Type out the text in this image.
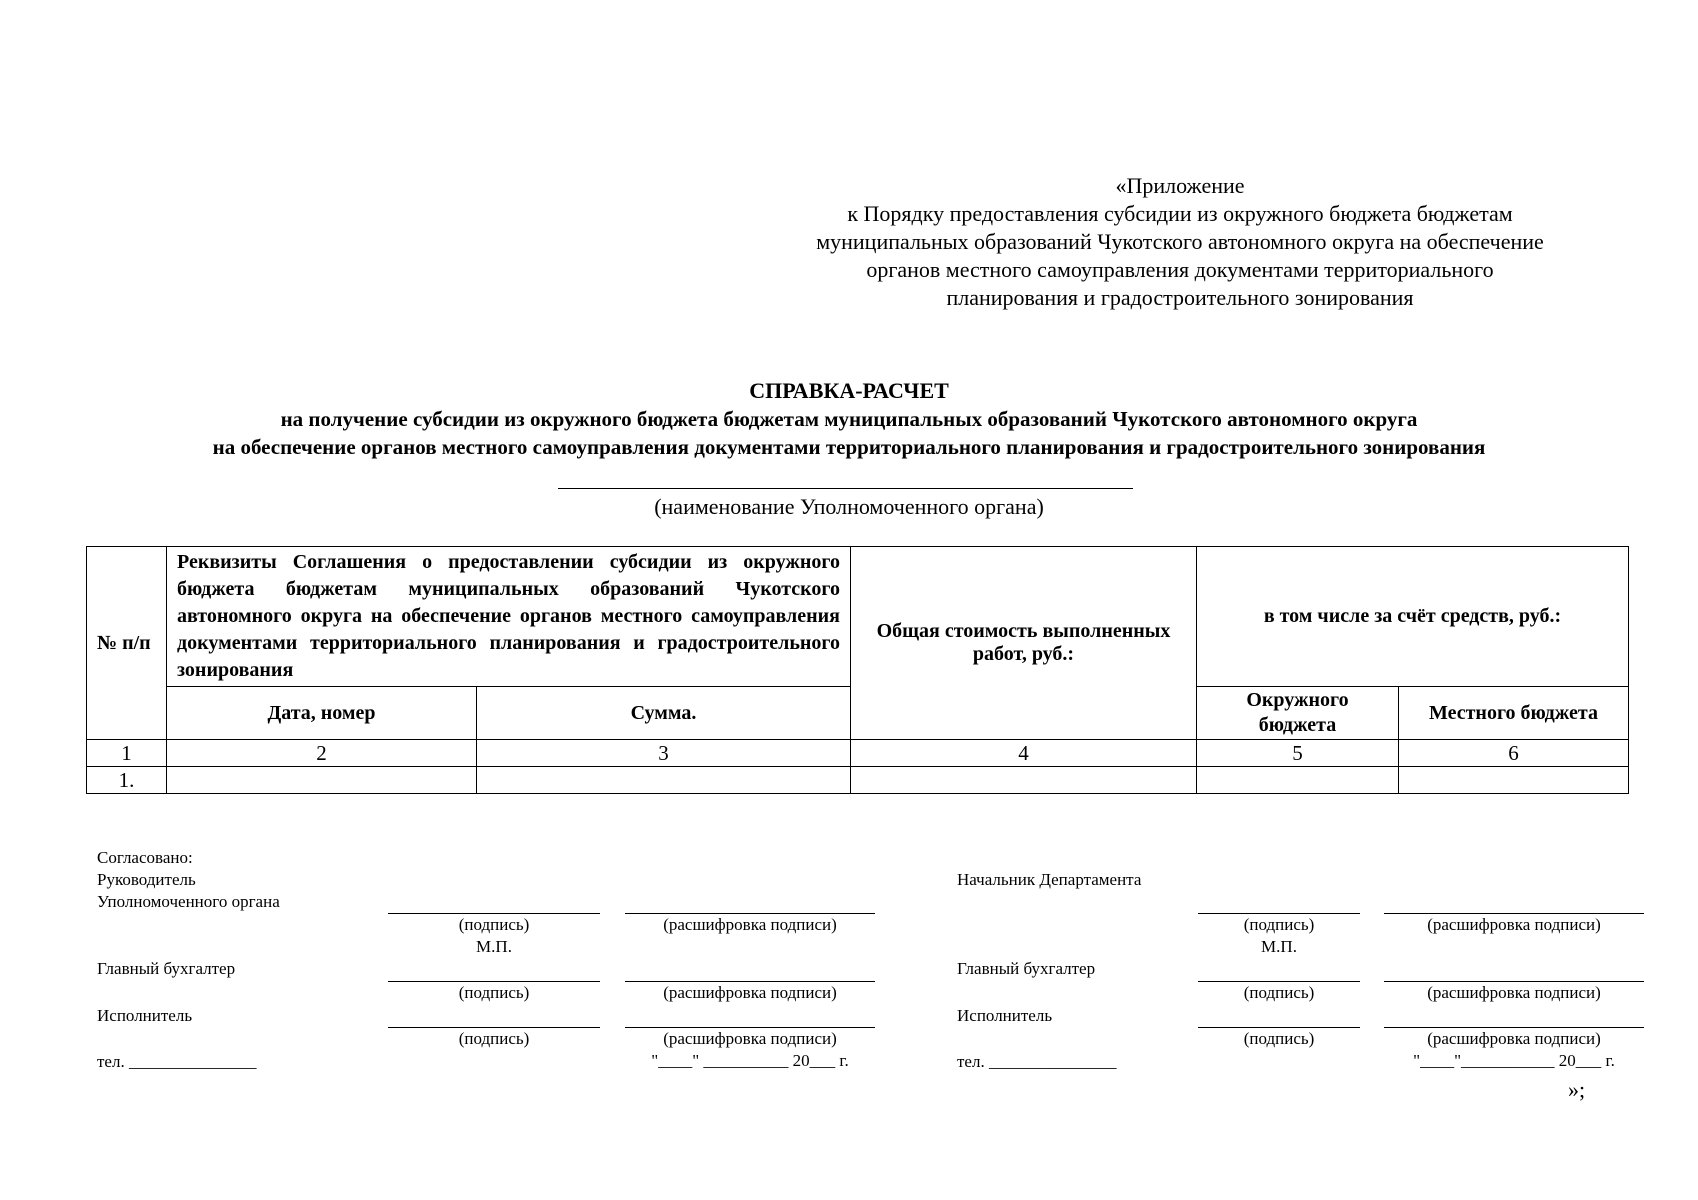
«Приложение
к Порядку предоставления субсидии из окружного бюджета бюджетам
муниципальных образований Чукотского автономного округа на обеспечение
органов местного самоуправления документами территориального
планирования и градостроительного зонирования
СПРАВКА-РАСЧЕТ
на получение субсидии из окружного бюджета бюджетам муниципальных образований Чукотского автономного округа
на обеспечение органов местного самоуправления документами территориального планирования и градостроительного зонирования
(наименование Уполномоченного органа)
№ п/п	Реквизиты Соглашения о предоставлении субсидии из окружного бюджета бюджетам муниципальных образований Чукотского автономного округа на обеспечение органов местного самоуправления документами территориального планирования и градостроительного зонирования		Общая стоимость выполненных работ, руб.:	в том числе за счёт средств, руб.:	
	Дата, номер	Сумма.		Окружного бюджета	Местного бюджета
1	2	3	4	5	6
1.					
Согласовано:
Руководитель
Уполномоченного органа
(подпись)	(расшифровка подписи)
М.П.
Главный бухгалтер
(подпись)	(расшифровка подписи)
Исполнитель
(подпись)	(расшифровка подписи)
тел. _______________	"____" __________ 20___ г.
Начальник Департамента
(подпись)	(расшифровка подписи)
М.П.
Главный бухгалтер
(подпись)	(расшифровка подписи)
Исполнитель
(подпись)	(расшифровка подписи)
тел. _______________	"____"___________ 20___ г.
»;
